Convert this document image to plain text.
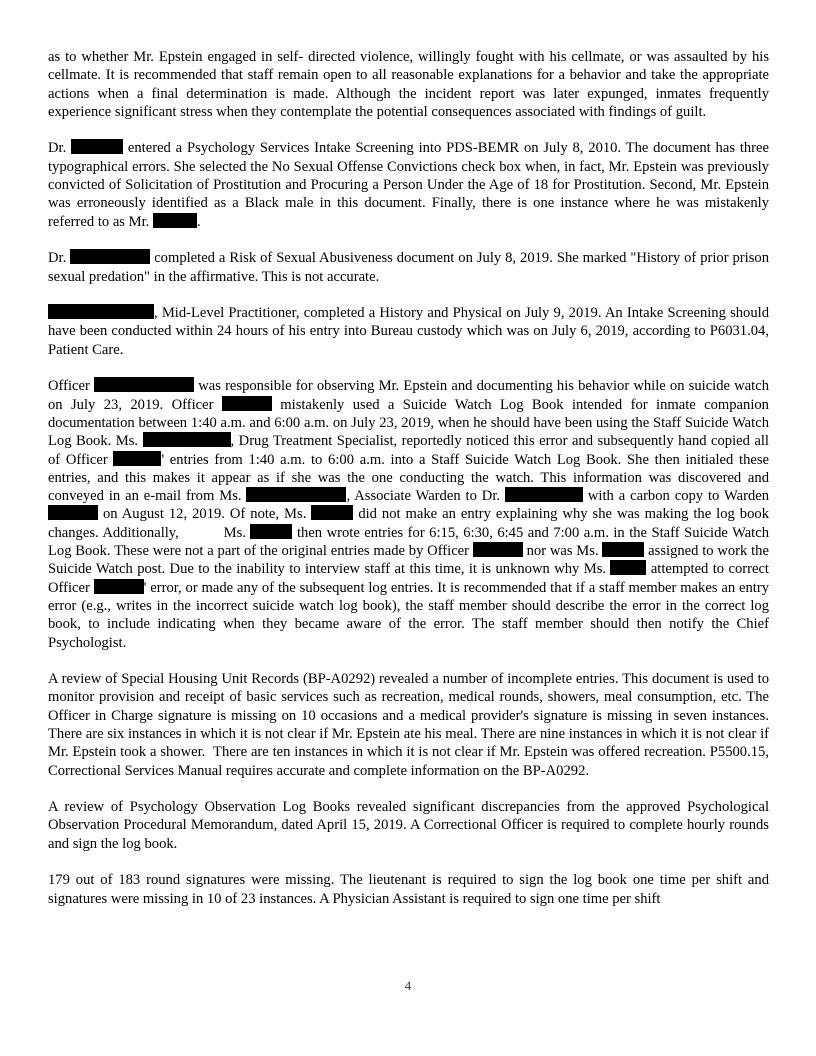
as to whether Mr. Epstein engaged in self- directed violence, willingly fought with his cellmate, or was assaulted by his cellmate. It is recommended that staff remain open to all reasonable explanations for a behavior and take the appropriate actions when a final determination is made. Although the incident report was later expunged, inmates frequently experience significant stress when they contemplate the potential consequences associated with findings of guilt.

Dr.	entered a Psychology Services Intake Screening into PDS-BEMR on July 8, 2010. The document has three typographical errors. She selected the No Sexual Offense Convictions check box when, in fact, Mr. Epstein was previously convicted of Solicitation of Prostitution and Procuring a Person Under the Age of 18 for Prostitution. Second, Mr. Epstein was erroneously identified as a Black male in this document. Finally, there is one instance where he was mistakenly referred to as Mr.	.

Dr.	completed a Risk of Sexual Abusiveness document on July 8, 2019. She marked "History of prior prison sexual predation" in the affirmative. This is not accurate.

, Mid-Level Practitioner, completed a History and Physical on July 9, 2019. An Intake Screening should have been conducted within 24 hours of his entry into Bureau custody which was on July 6, 2019, according to P6031.04, Patient Care.

Officer	was responsible for observing Mr. Epstein and documenting his behavior while on suicide watch on July 23, 2019. Officer	mistakenly used a Suicide Watch Log Book intended for inmate companion documentation between 1:40 a.m. and 6:00 a.m. on July 23, 2019, when he should have been using the Staff Suicide Watch Log Book. Ms.	, Drug Treatment Specialist, reportedly noticed this error and subsequently hand copied all of Officer	' entries from 1:40 a.m. to 6:00 a.m. into a Staff Suicide Watch Log Book. She then initialed these entries, and this makes it appear as if she was the one conducting the watch. This information was discovered and conveyed in an e-mail from Ms.	, Associate Warden to Dr.	with a carbon copy to Warden  on August 12, 2019. Of note, Ms.	did not make an entry explaining why she was making the log book changes. Additionally,          Ms.	then wrote entries for 6:15, 6:30, 6:45 and 7:00 a.m. in the Staff Suicide Watch Log Book. These were not a part of the original entries made by Officer	nor was Ms.	assigned to work the Suicide Watch post. Due to the inability to interview staff at this time, it is unknown why Ms.	attempted to correct Officer	' error, or made any of the subsequent log entries. It is recommended that if a staff member makes an entry error (e.g., writes in the incorrect suicide watch log book), the staff member should describe the error in the correct log book, to include indicating when they became aware of the error. The staff member should then notify the Chief Psychologist.

A review of Special Housing Unit Records (BP-A0292) revealed a number of incomplete entries. This document is used to monitor provision and receipt of basic services such as recreation, medical rounds, showers, meal consumption, etc. The Officer in Charge signature is missing on 10 occasions and a medical provider's signature is missing in seven instances. There are six instances in which it is not clear if Mr. Epstein ate his meal. There are nine instances in which it is not clear if Mr. Epstein took a shower.  There are ten instances in which it is not clear if Mr. Epstein was offered recreation. P5500.15, Correctional Services Manual requires accurate and complete information on the BP-A0292.

A review of Psychology Observation Log Books revealed significant discrepancies from the approved Psychological Observation Procedural Memorandum, dated April 15, 2019. A Correctional Officer is required to complete hourly rounds and sign the log book.

179 out of 183 round signatures were missing. The lieutenant is required to sign the log book one time per shift and signatures were missing in 10 of 23 instances. A Physician Assistant is required to sign one time per shift

4
